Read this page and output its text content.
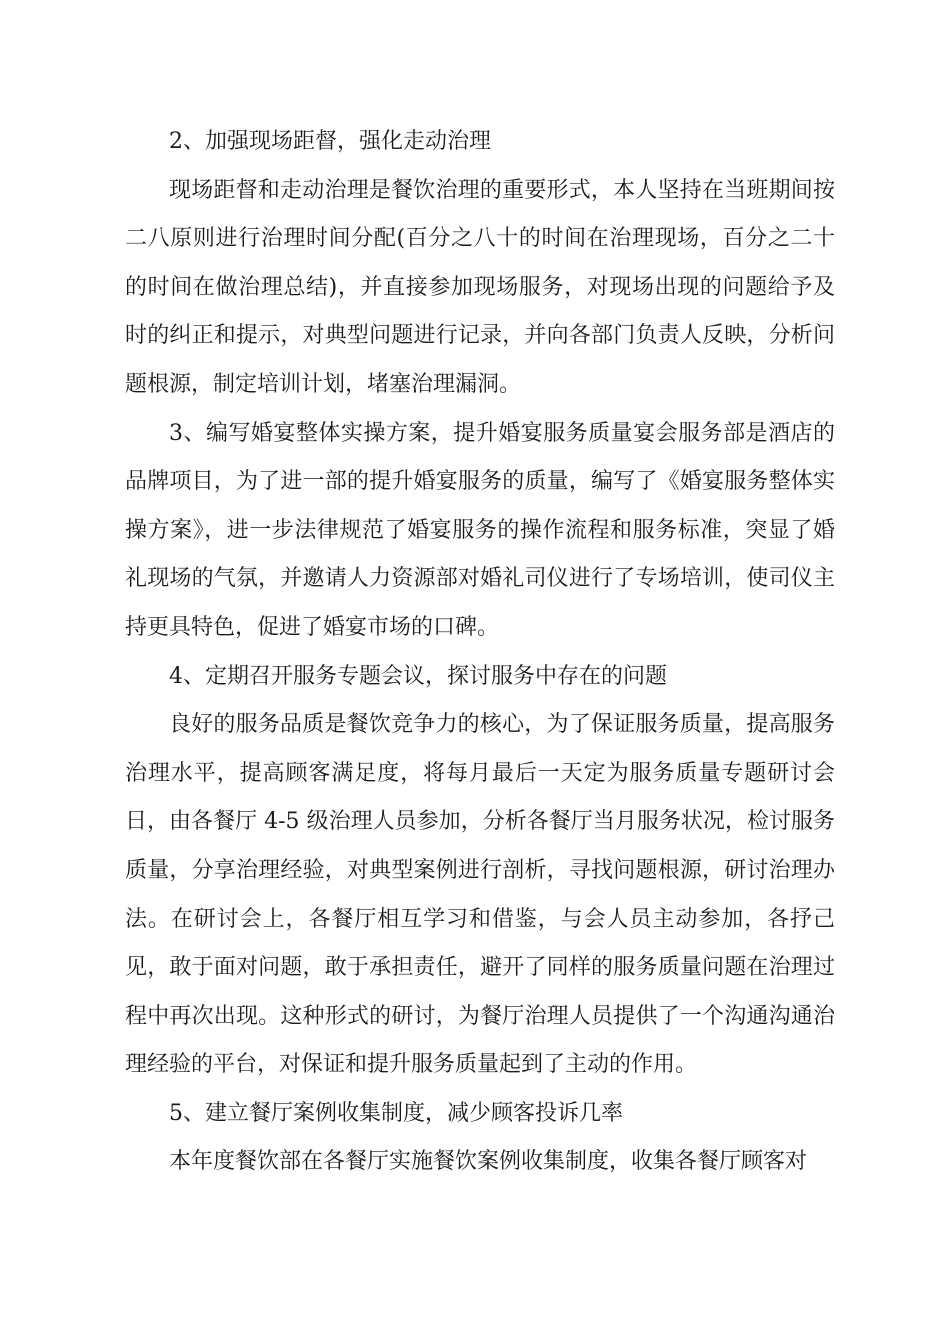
2、加强现场距督，强化走动治理

现场距督和走动治理是餐饮治理的重要形式，本人坚持在当班期间按二八原则进行治理时间分配(百分之八十的时间在治理现场，百分之二十的时间在做治理总结)，并直接参加现场服务，对现场出现的问题给予及时的纠正和提示，对典型问题进行记录，并向各部门负责人反映，分析问题根源，制定培训计划，堵塞治理漏洞。

3、编写婚宴整体实操方案，提升婚宴服务质量宴会服务部是酒店的品牌项目，为了进一部的提升婚宴服务的质量，编写了《婚宴服务整体实操方案》，进一步法律规范了婚宴服务的操作流程和服务标准，突显了婚礼现场的气氛，并邀请人力资源部对婚礼司仪进行了专场培训，使司仪主持更具特色，促进了婚宴市场的口碑。

4、定期召开服务专题会议，探讨服务中存在的问题

良好的服务品质是餐饮竞争力的核心，为了保证服务质量，提高服务治理水平，提高顾客满足度，将每月最后一天定为服务质量专题研讨会日，由各餐厅 4-5 级治理人员参加，分析各餐厅当月服务状况，检讨服务质量，分享治理经验，对典型案例进行剖析，寻找问题根源，研讨治理办法。在研讨会上，各餐厅相互学习和借鉴，与会人员主动参加，各抒己见，敢于面对问题，敢于承担责任，避开了同样的服务质量问题在治理过程中再次出现。这种形式的研讨，为餐厅治理人员提供了一个沟通沟通治理经验的平台，对保证和提升服务质量起到了主动的作用。

5、建立餐厅案例收集制度，减少顾客投诉几率

本年度餐饮部在各餐厅实施餐饮案例收集制度，收集各餐厅顾客对
